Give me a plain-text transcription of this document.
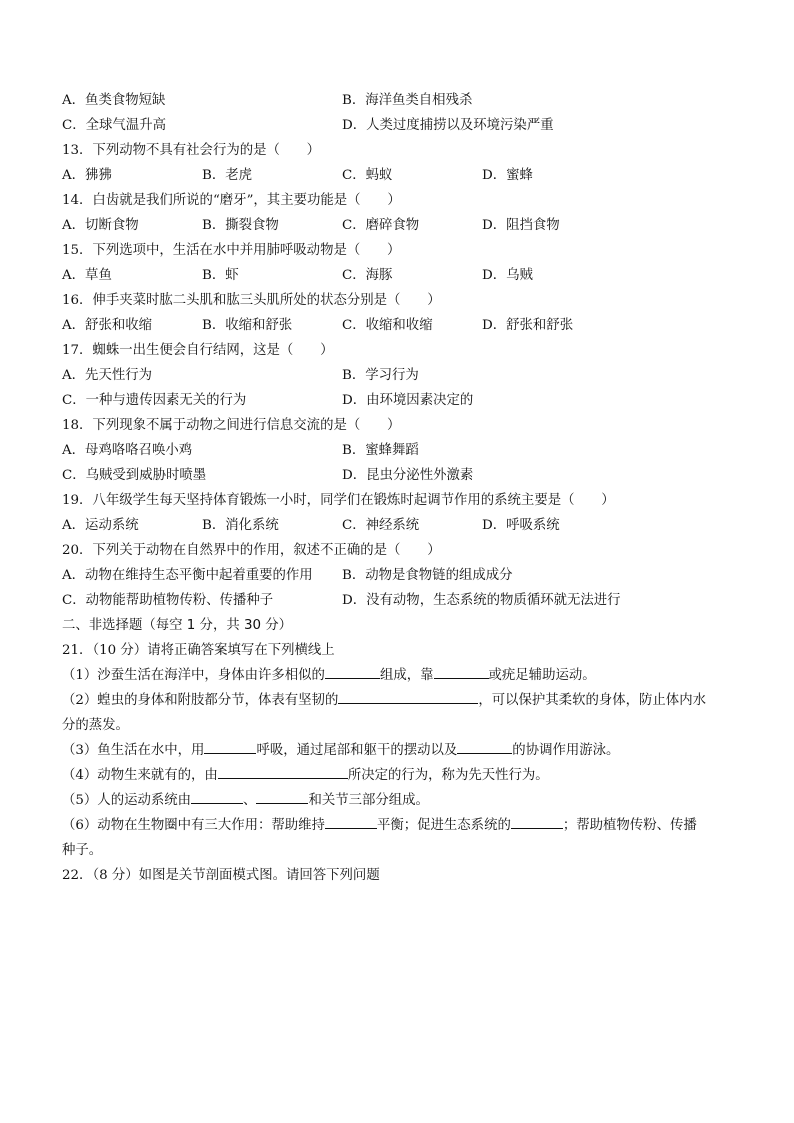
A．鱼类食物短缺	B．海洋鱼类自相残杀
C．全球气温升高	D．人类过度捕捞以及环境污染严重
13．下列动物不具有社会行为的是（　　）
A．狒狒	B．老虎	C．蚂蚁	D．蜜蜂
14．白齿就是我们所说的“磨牙”，其主要功能是（　　）
A．切断食物	B．撕裂食物	C．磨碎食物	D．阻挡食物
15．下列选项中，生活在水中并用肺呼吸动物是（　　）
A．草鱼	B．虾	C．海豚	D．乌贼
16．伸手夹菜时肱二头肌和肱三头肌所处的状态分别是（　　）
A．舒张和收缩	B．收缩和舒张	C．收缩和收缩	D．舒张和舒张
17．蜘蛛一出生便会自行结网，这是（　　）
A．先天性行为	B．学习行为
C．一种与遗传因素无关的行为	D．由环境因素决定的
18．下列现象不属于动物之间进行信息交流的是（　　）
A．母鸡咯咯召唤小鸡	B．蜜蜂舞蹈
C．乌贼受到威胁时喷墨	D．昆虫分泌性外激素
19．八年级学生每天坚持体育锻炼一小时，同学们在锻炼时起调节作用的系统主要是（　　）
A．运动系统	B．消化系统	C．神经系统	D．呼吸系统
20．下列关于动物在自然界中的作用，叙述不正确的是（　　）
A．动物在维持生态平衡中起着重要的作用 B．动物是食物链的组成成分
C．动物能帮助植物传粉、传播种子	D．没有动物，生态系统的物质循环就无法进行
二、非选择题（每空 1 分，共 30 分）
21．（10 分）请将正确答案填写在下列横线上
（1）沙蚕生活在海洋中，身体由许多相似的	组成，靠	或疣足辅助运动。
（2）蝗虫的身体和附肢都分节，体表有坚韧的	，可以保护其柔软的身体，防止体内水
分的蒸发。
（3）鱼生活在水中，用	呼吸，通过尾部和躯干的摆动以及	的协调作用游泳。
（4）动物生来就有的，由	所决定的行为，称为先天性行为。
（5）人的运动系统由	、	和关节三部分组成。
（6）动物在生物圈中有三大作用：帮助维持	平衡；促进生态系统的	；帮助植物传粉、传播
种子。
22．（8 分）如图是关节剖面模式图。请回答下列问题
